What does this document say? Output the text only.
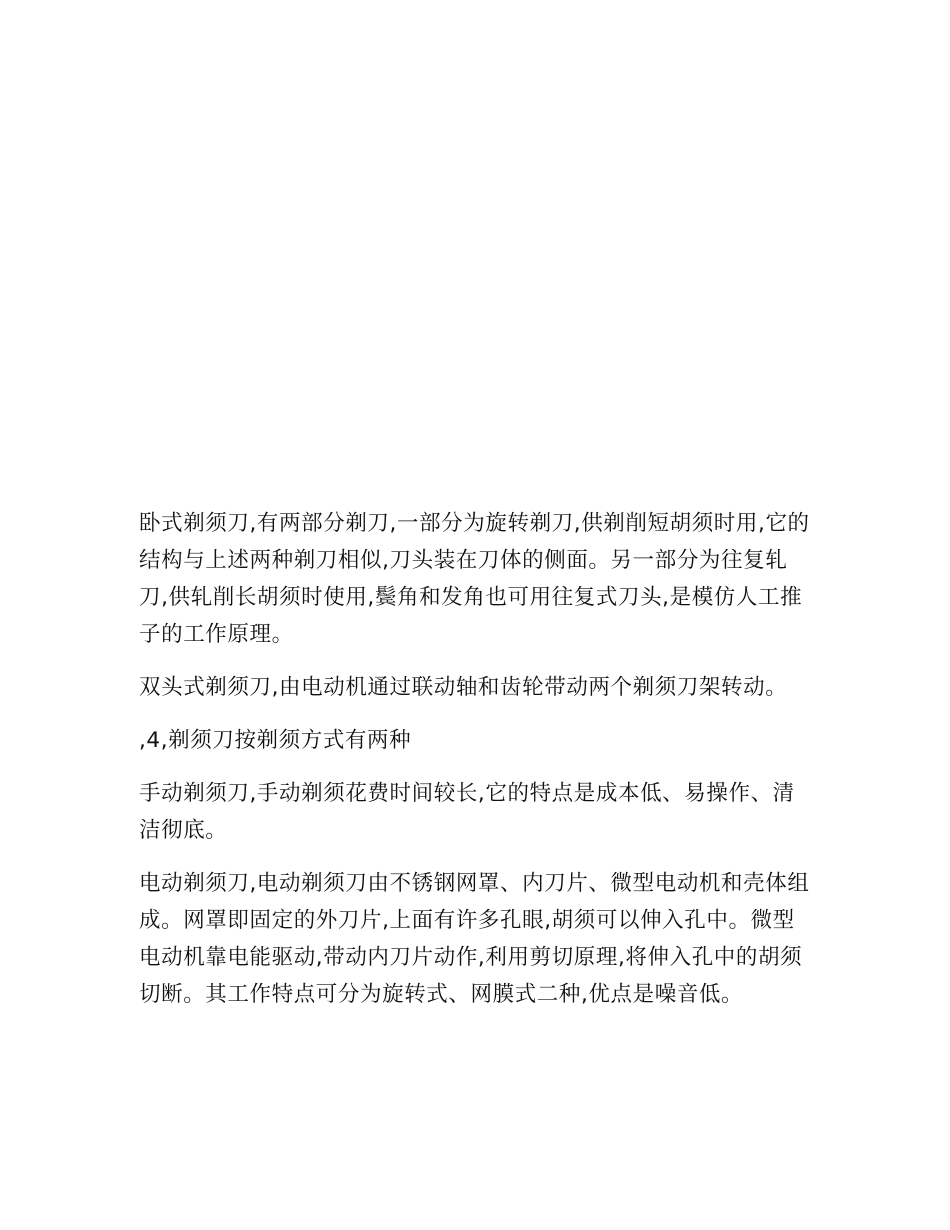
卧式剃须刀,有两部分剃刀,一部分为旋转剃刀,供剃削短胡须时用,它的结构与上述两种剃刀相似,刀头装在刀体的侧面。另一部分为往复轧刀,供轧削长胡须时使用,鬓角和发角也可用往复式刀头,是模仿人工推子的工作原理。

双头式剃须刀,由电动机通过联动轴和齿轮带动两个剃须刀架转动。

,4,剃须刀按剃须方式有两种

手动剃须刀,手动剃须花费时间较长,它的特点是成本低、易操作、清洁彻底。

电动剃须刀,电动剃须刀由不锈钢网罩、内刀片、微型电动机和壳体组成。网罩即固定的外刀片,上面有许多孔眼,胡须可以伸入孔中。微型电动机靠电能驱动,带动内刀片动作,利用剪切原理,将伸入孔中的胡须切断。其工作特点可分为旋转式、网膜式二种,优点是噪音低。
